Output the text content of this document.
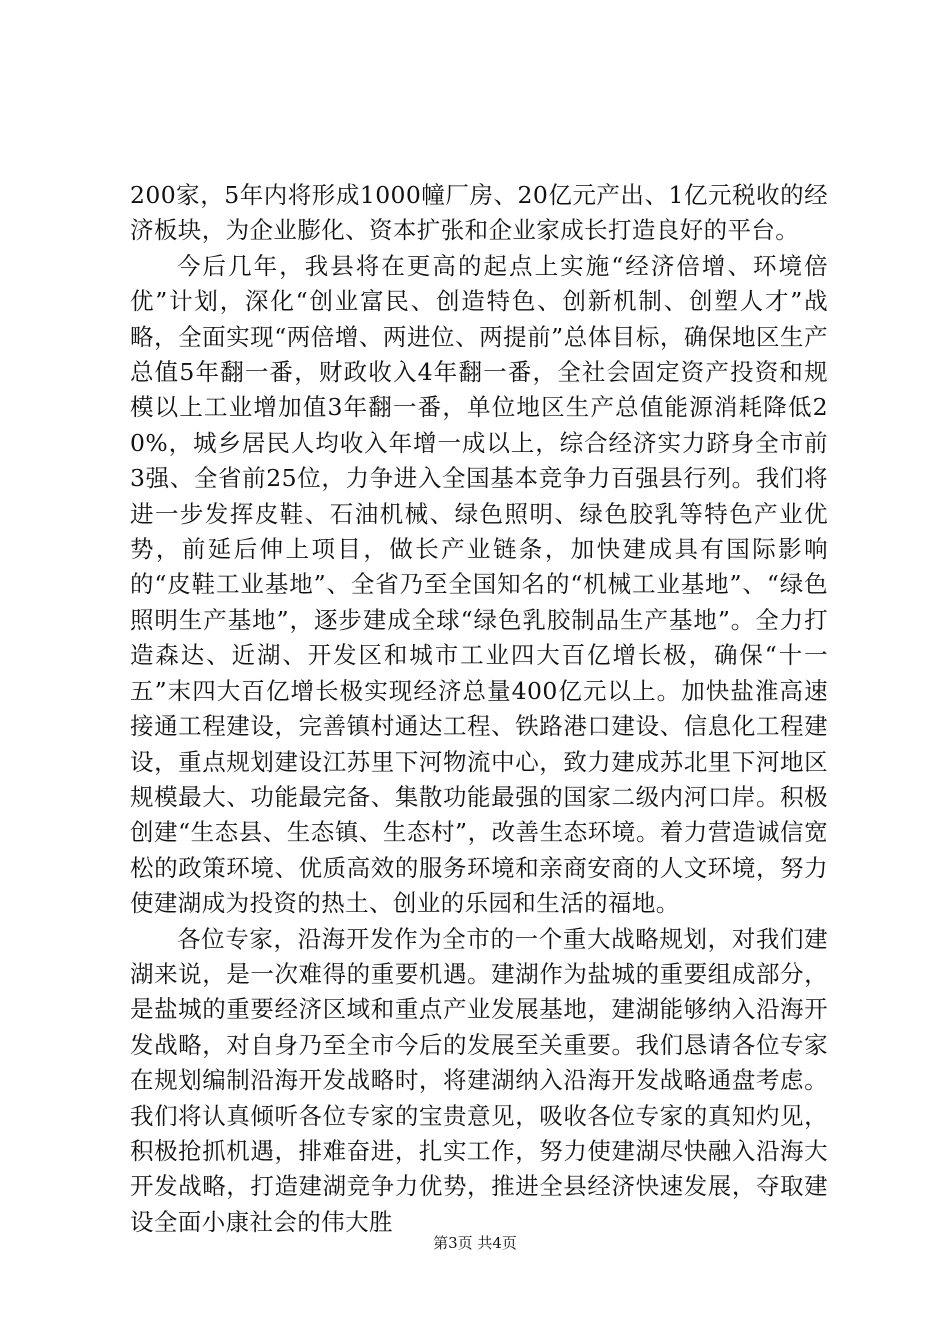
200家，5年内将形成1000幢厂房、20亿元产出、1亿元税收的经济板块，为企业膨化、资本扩张和企业家成长打造良好的平台。

今后几年，我县将在更高的起点上实施“经济倍增、环境倍优”计划，深化“创业富民、创造特色、创新机制、创塑人才”战略，全面实现“两倍增、两进位、两提前”总体目标，确保地区生产总值5年翻一番，财政收入4年翻一番，全社会固定资产投资和规模以上工业增加值3年翻一番，单位地区生产总值能源消耗降低20%，城乡居民人均收入年增一成以上，综合经济实力跻身全市前3强、全省前25位，力争进入全国基本竞争力百强县行列。我们将进一步发挥皮鞋、石油机械、绿色照明、绿色胶乳等特色产业优势，前延后伸上项目，做长产业链条，加快建成具有国际影响的“皮鞋工业基地”、全省乃至全国知名的“机械工业基地”、“绿色照明生产基地”，逐步建成全球“绿色乳胶制品生产基地”。全力打造森达、近湖、开发区和城市工业四大百亿增长极，确保“十一五”末四大百亿增长极实现经济总量400亿元以上。加快盐淮高速接通工程建设，完善镇村通达工程、铁路港口建设、信息化工程建设，重点规划建设江苏里下河物流中心，致力建成苏北里下河地区规模最大、功能最完备、集散功能最强的国家二级内河口岸。积极创建“生态县、生态镇、生态村”，改善生态环境。着力营造诚信宽松的政策环境、优质高效的服务环境和亲商安商的人文环境，努力使建湖成为投资的热土、创业的乐园和生活的福地。

各位专家，沿海开发作为全市的一个重大战略规划，对我们建湖来说，是一次难得的重要机遇。建湖作为盐城的重要组成部分，是盐城的重要经济区域和重点产业发展基地，建湖能够纳入沿海开发战略，对自身乃至全市今后的发展至关重要。我们恳请各位专家在规划编制沿海开发战略时，将建湖纳入沿海开发战略通盘考虑。我们将认真倾听各位专家的宝贵意见，吸收各位专家的真知灼见，积极抢抓机遇，排难奋进，扎实工作，努力使建湖尽快融入沿海大开发战略，打造建湖竞争力优势，推进全县经济快速发展，夺取建设全面小康社会的伟大胜

第3页 共4页
